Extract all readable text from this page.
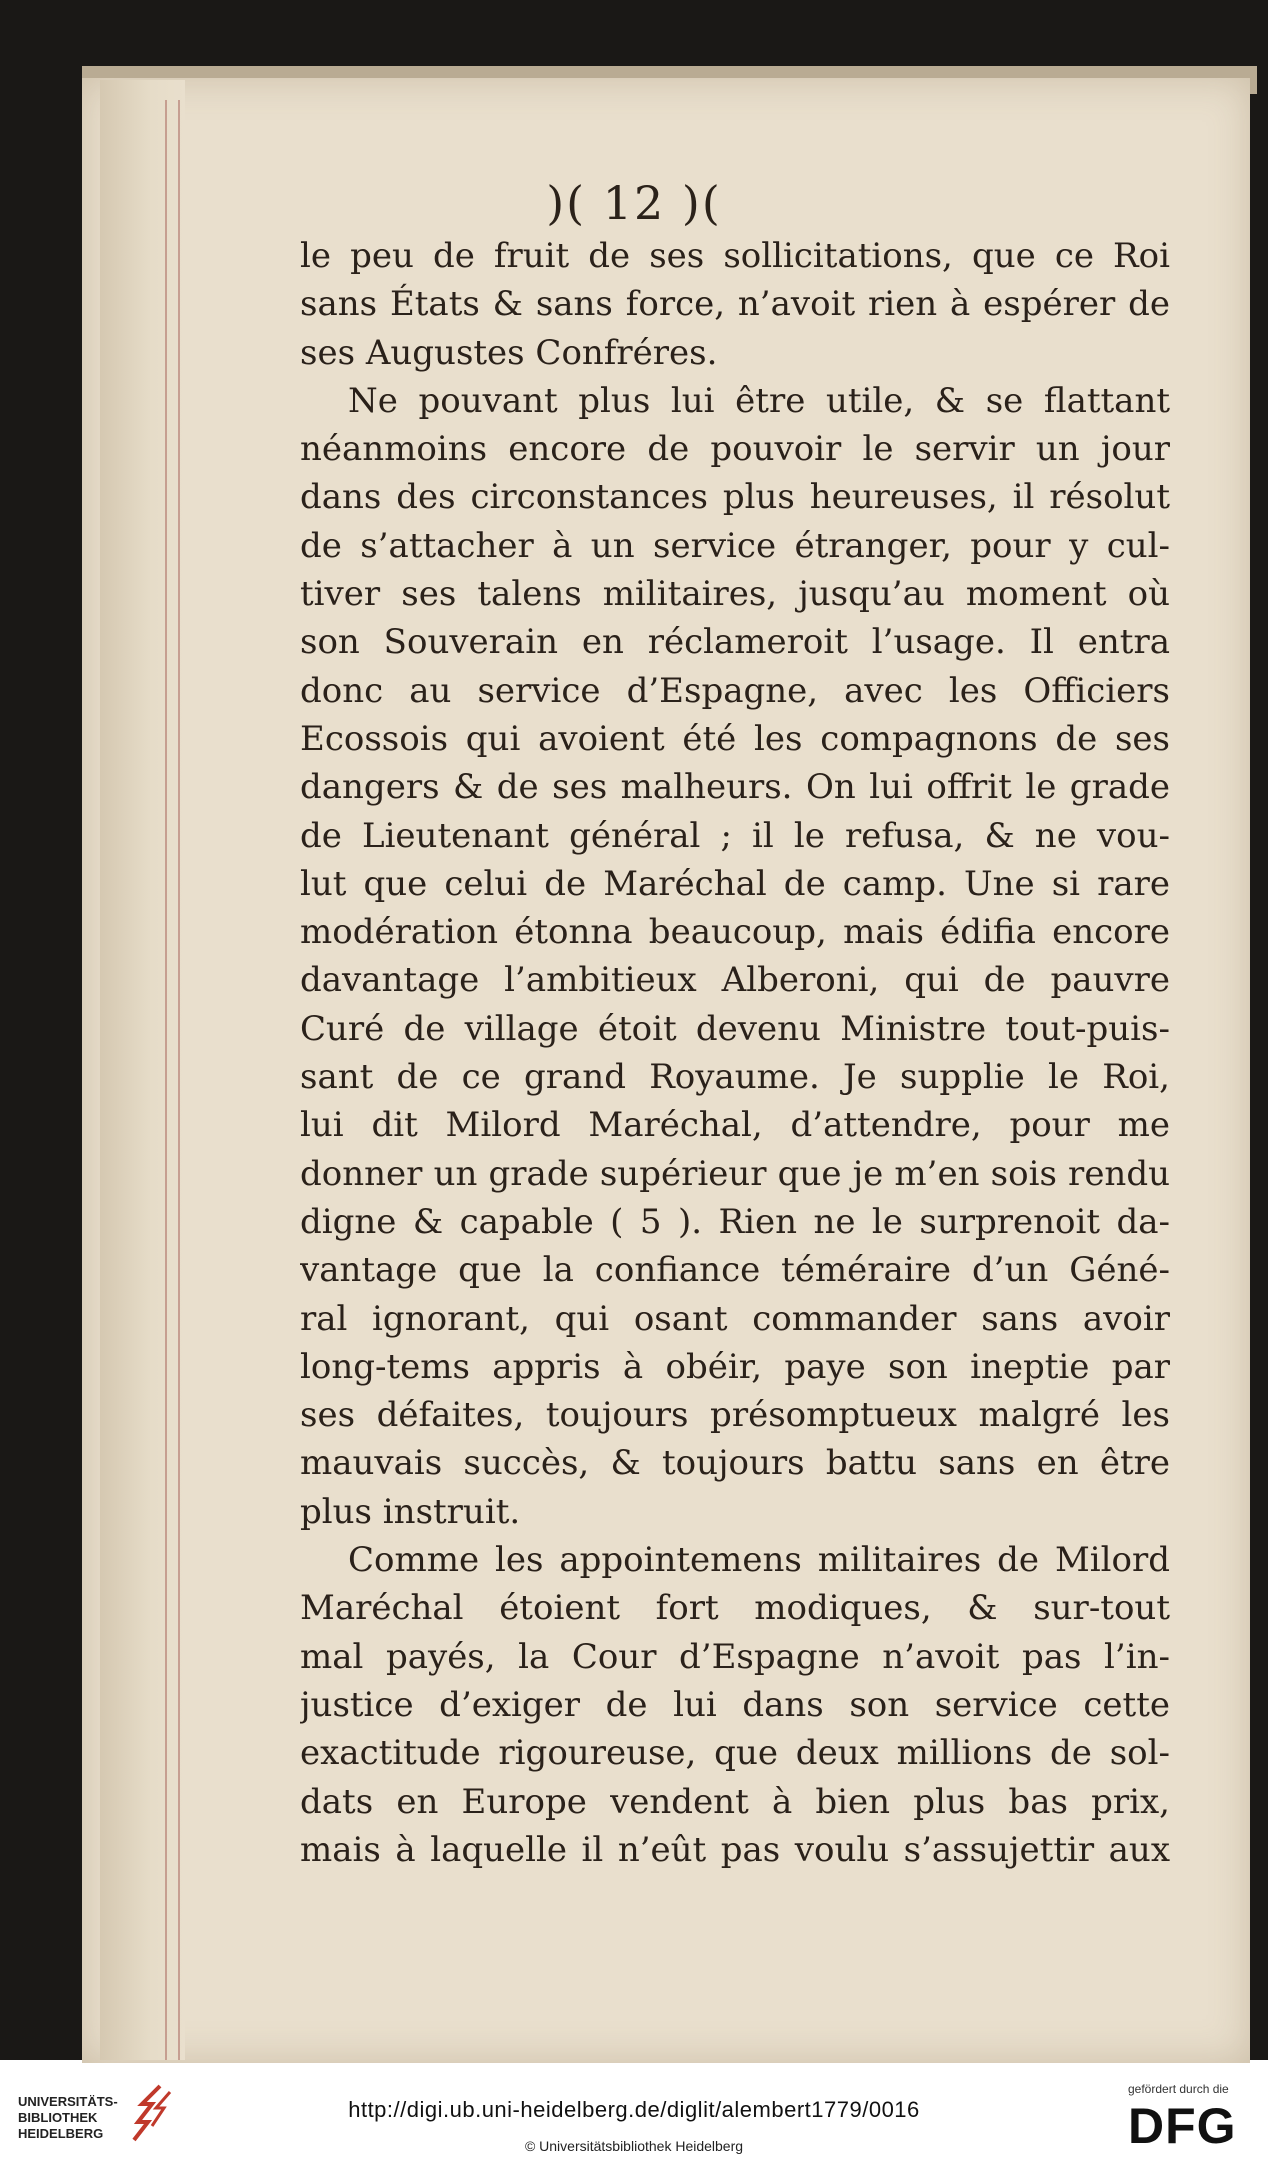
)( 12 )(
le peu de fruit de ses sollicitations, que ce Roi
sans États & sans force, n’avoit rien à espérer de
ses Augustes Confréres.
Ne pouvant plus lui être utile, & se flattant
néanmoins encore de pouvoir le servir un jour
dans des circonstances plus heureuses, il résolut
de s’attacher à un service étranger, pour y cul-
tiver ses talens militaires, jusqu’au moment où
son Souverain en réclameroit l’usage. Il entra
donc au service d’Espagne, avec les Officiers
Ecossois qui avoient été les compagnons de ses
dangers & de ses malheurs. On lui offrit le grade
de Lieutenant général ; il le refusa, & ne vou-
lut que celui de Maréchal de camp. Une si rare
modération étonna beaucoup, mais édifia encore
davantage l’ambitieux Alberoni, qui de pauvre
Curé de village étoit devenu Ministre tout-puis-
sant de ce grand Royaume. Je supplie le Roi,
lui dit Milord Maréchal, d’attendre, pour me
donner un grade supérieur que je m’en sois rendu
digne & capable ( 5 ). Rien ne le surprenoit da-
vantage que la confiance téméraire d’un Géné-
ral ignorant, qui osant commander sans avoir
long-tems appris à obéir, paye son ineptie par
ses défaites, toujours présomptueux malgré les
mauvais succès, & toujours battu sans en être
plus instruit.
Comme les appointemens militaires de Milord
Maréchal étoient fort modiques, & sur-tout
mal payés, la Cour d’Espagne n’avoit pas l’in-
justice d’exiger de lui dans son service cette
exactitude rigoureuse, que deux millions de sol-
dats en Europe vendent à bien plus bas prix,
mais à laquelle il n’eût pas voulu s’assujettir aux
UNIVERSITÄTS-
BIBLIOTHEK
HEIDELBERG
http://digi.ub.uni-heidelberg.de/diglit/alembert1779/0016
© Universitätsbibliothek Heidelberg
gefördert durch die
DFG
